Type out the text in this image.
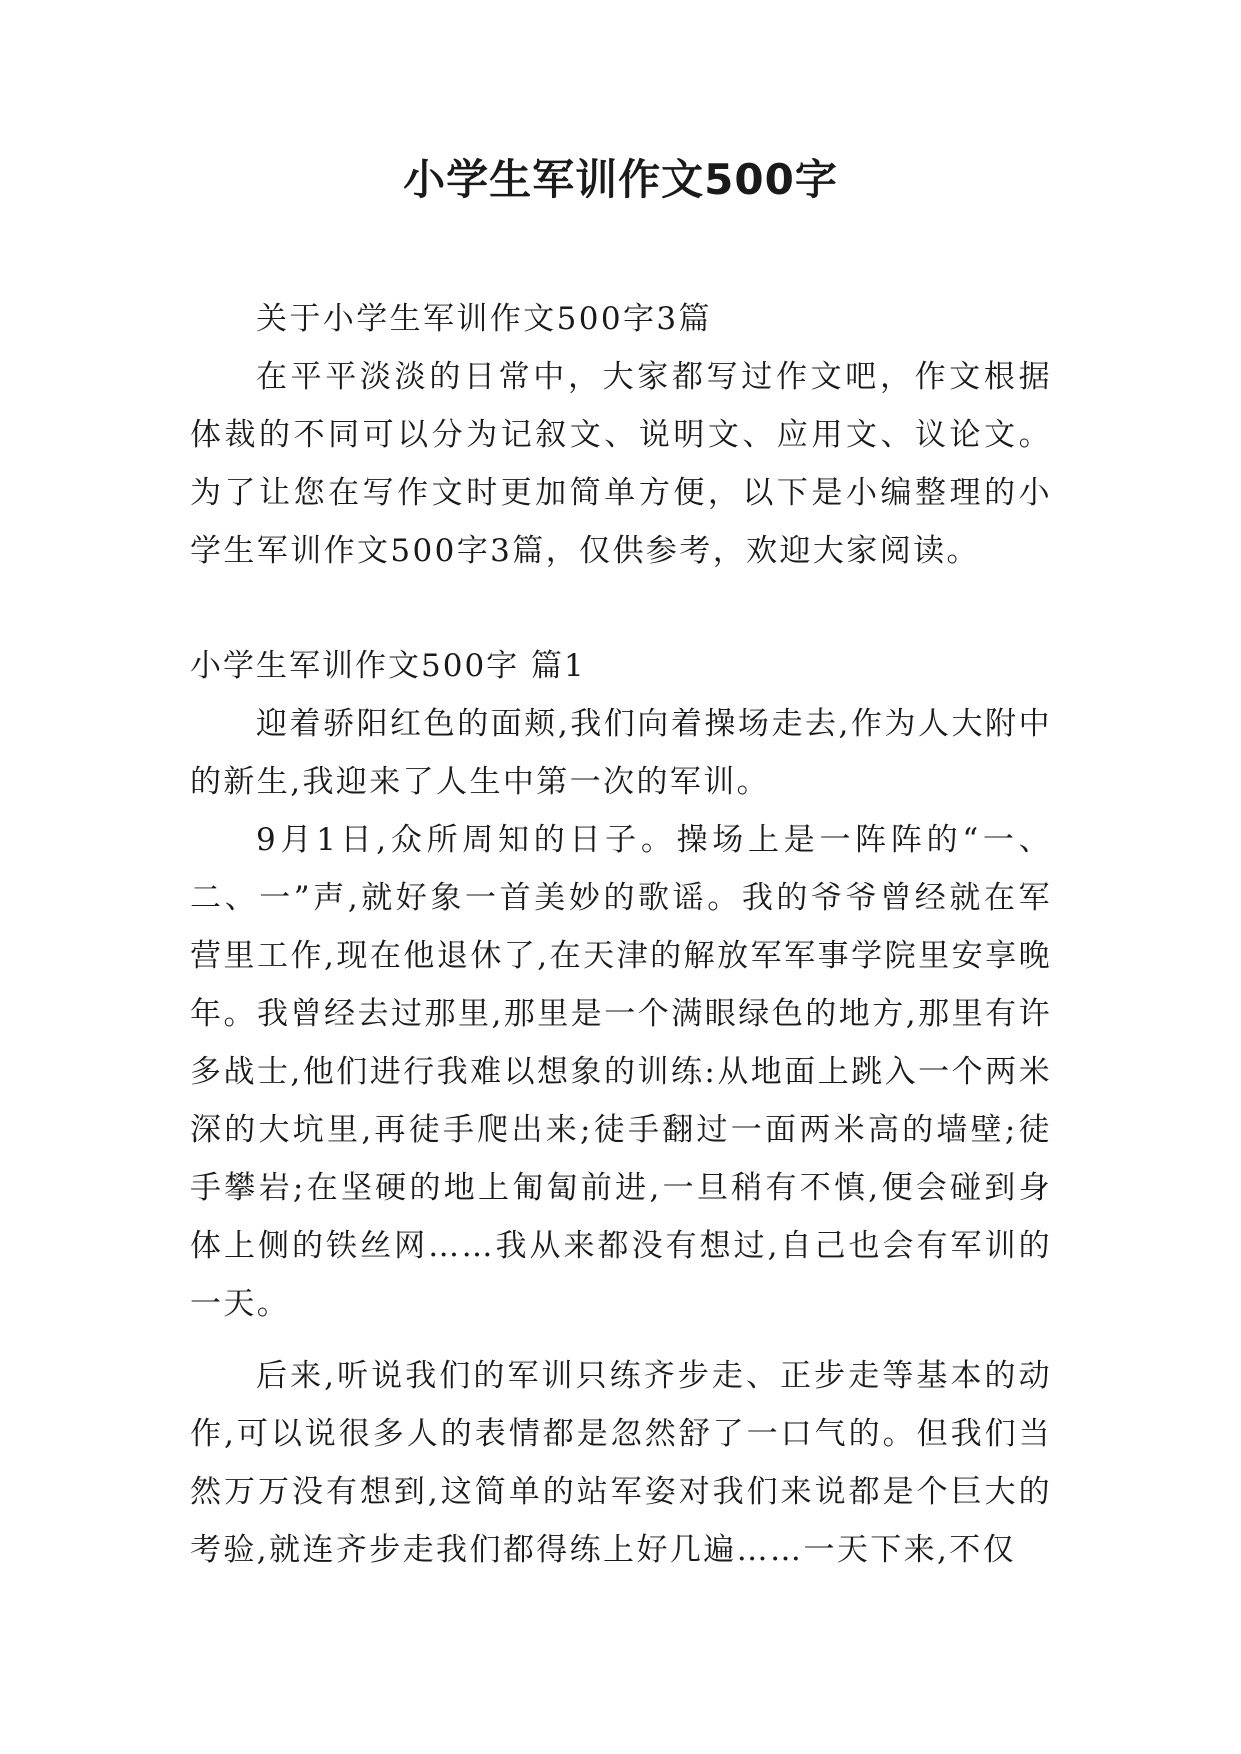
小学生军训作文500字

关于小学生军训作文500字3篇

在平平淡淡的日常中，大家都写过作文吧，作文根据体裁的不同可以分为记叙文、说明文、应用文、议论文。为了让您在写作文时更加简单方便，以下是小编整理的小学生军训作文500字3篇，仅供参考，欢迎大家阅读。

小学生军训作文500字 篇1

迎着骄阳红色的面颊,我们向着操场走去,作为人大附中的新生,我迎来了人生中第一次的军训。

9月1日,众所周知的日子。操场上是一阵阵的“一、二、一”声,就好象一首美妙的歌谣。我的爷爷曾经就在军营里工作,现在他退休了,在天津的解放军军事学院里安享晚年。我曾经去过那里,那里是一个满眼绿色的地方,那里有许多战士,他们进行我难以想象的训练:从地面上跳入一个两米深的大坑里,再徒手爬出来;徒手翻过一面两米高的墙壁;徒手攀岩;在坚硬的地上匍匐前进,一旦稍有不慎,便会碰到身体上侧的铁丝网……我从来都没有想过,自己也会有军训的一天。

后来,听说我们的军训只练齐步走、正步走等基本的动作,可以说很多人的表情都是忽然舒了一口气的。但我们当然万万没有想到,这简单的站军姿对我们来说都是个巨大的考验,就连齐步走我们都得练上好几遍……一天下来,不仅
